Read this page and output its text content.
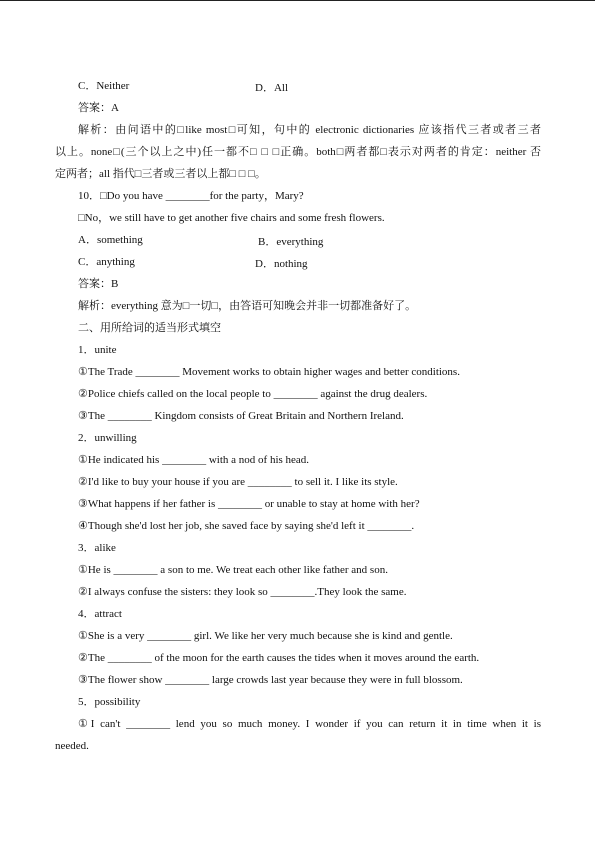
C．Neither	D．All
答案：A
解析：由问语中的□like most□可知，句中的 electronic dictionaries 应该指代三者或者三者
以上。none□(三个以上之中)任一都不□ □ □正确。both□两者都□表示对两者的肯定：neither 否
定两者；all 指代□三者或三者以上都□ □ □。
10．□Do you have ________for the party，Mary?
□No，we still have to get another five chairs and some fresh flowers.
A．something	B．everything
C．anything	D．nothing
答案：B
解析：everything 意为□一切□，由答语可知晚会并非一切都准备好了。
二、用所给词的适当形式填空
1．unite
①The Trade ________ Movement works to obtain higher wages and better conditions.
②Police chiefs called on the local people to ________ against the drug dealers.
③The ________ Kingdom consists of Great Britain and Northern Ireland.
2．unwilling
①He indicated his ________ with a nod of his head.
②I'd like to buy your house if you are ________ to sell it. I like its style.
③What happens if her father is ________ or unable to stay at home with her?
④Though she'd lost her job, she saved face by saying she'd left it ________.
3．alike
①He is ________ a son to me. We treat each other like father and son.
②I always confuse the sisters: they look so ________.They look the same.
4．attract
①She is a very ________ girl. We like her very much because she is kind and gentle.
②The ________ of the moon for the earth causes the tides when it moves around the earth.
③The flower show ________ large crowds last year because they were in full blossom.
5．possibility
①I can't ________ lend you so much money. I wonder if you can return it in time when it is
needed.
